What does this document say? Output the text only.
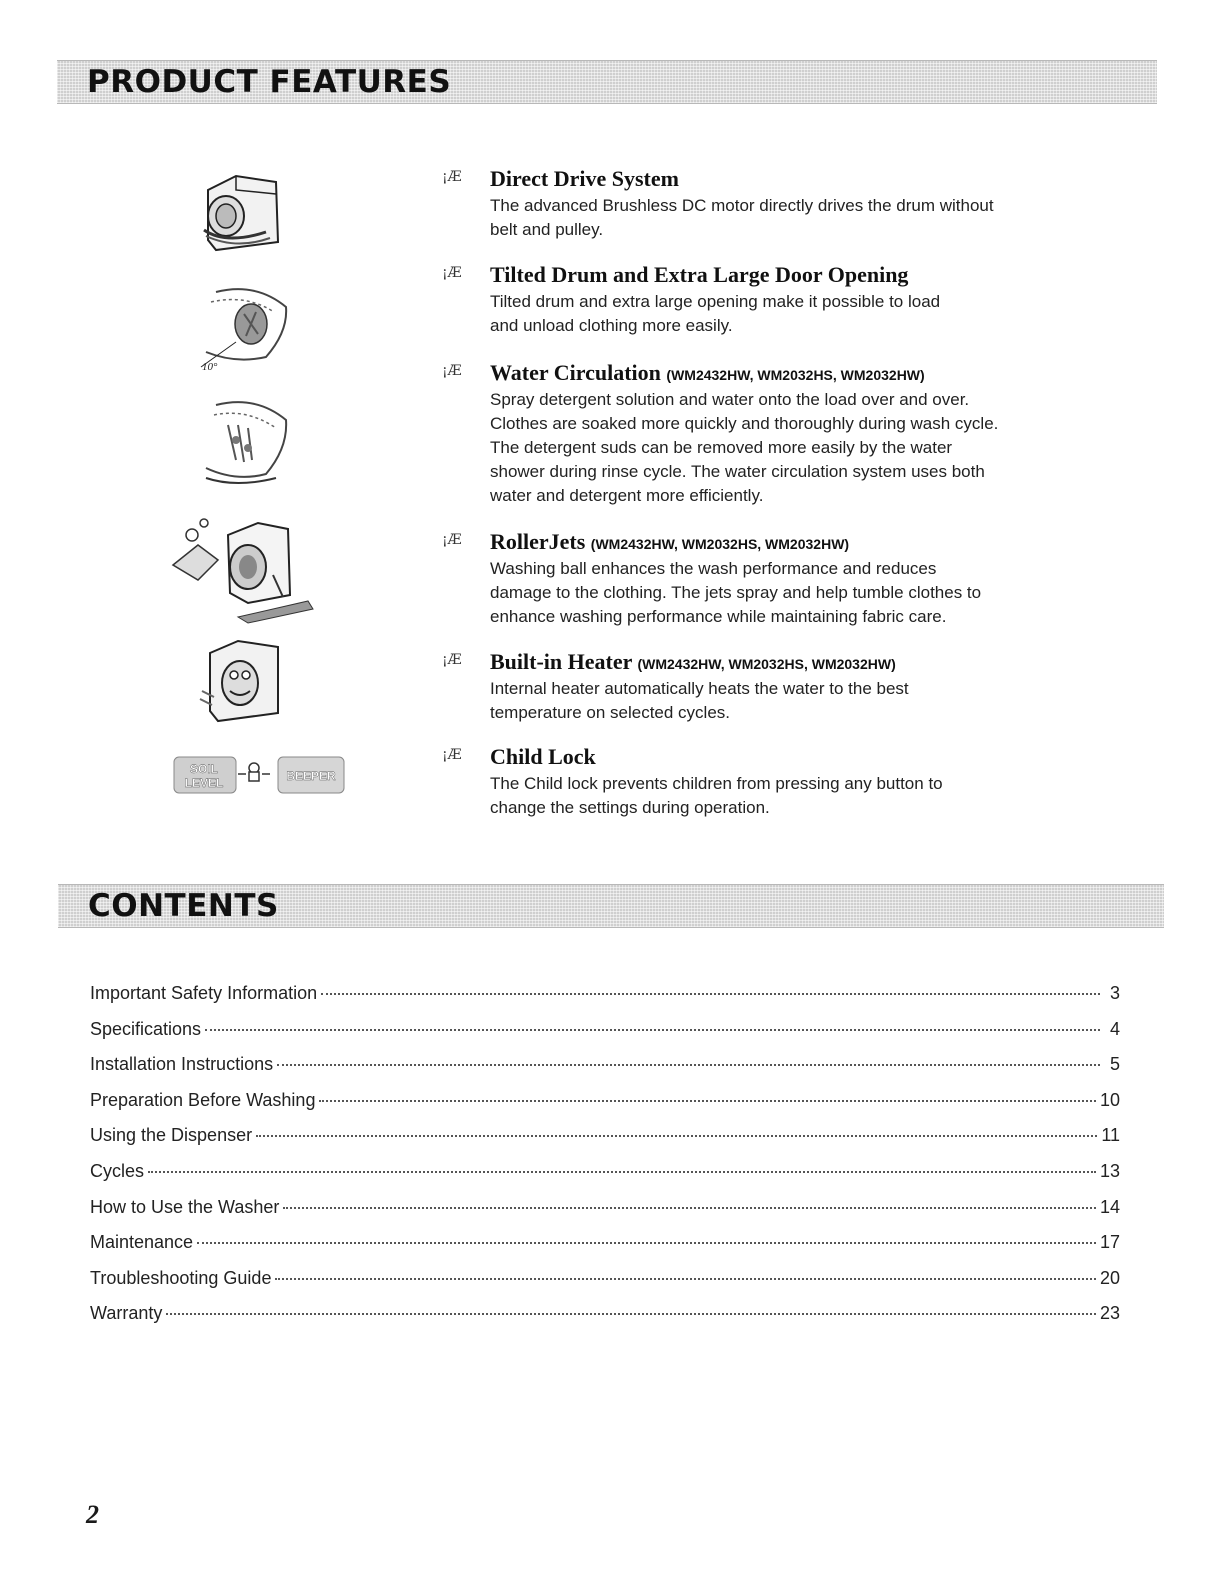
PRODUCT FEATURES
10°
SOIL
LEVEL	BEEPER
¡Æ Direct Drive System
The advanced Brushless DC motor directly drives the drum without
belt and pulley.
¡Æ Tilted Drum and Extra Large Door Opening
Tilted drum and extra large opening make it possible to load
and unload clothing more easily.
¡Æ Water Circulation (WM2432HW, WM2032HS, WM2032HW)
Spray detergent solution and water onto the load over and over.
Clothes are soaked more quickly and thoroughly during wash cycle.
The detergent suds can be removed more easily by the water
shower during rinse cycle. The water circulation system uses both
water and detergent more efficiently.
¡Æ RollerJets (WM2432HW, WM2032HS, WM2032HW)
Washing ball enhances the wash performance and reduces
damage to the clothing. The jets spray and help tumble clothes to
enhance washing performance while maintaining fabric care.
¡Æ Built-in Heater (WM2432HW, WM2032HS, WM2032HW)
Internal heater automatically heats the water to the best
temperature on selected cycles.
¡Æ Child Lock
The Child lock prevents children from pressing any button to
change the settings during operation.
CONTENTS
Important Safety Information	3
Specifications	4
Installation Instructions	5
Preparation Before Washing	10
Using the Dispenser	11
Cycles	13
How to Use the Washer	14
Maintenance	17
Troubleshooting Guide	20
Warranty	23
2
